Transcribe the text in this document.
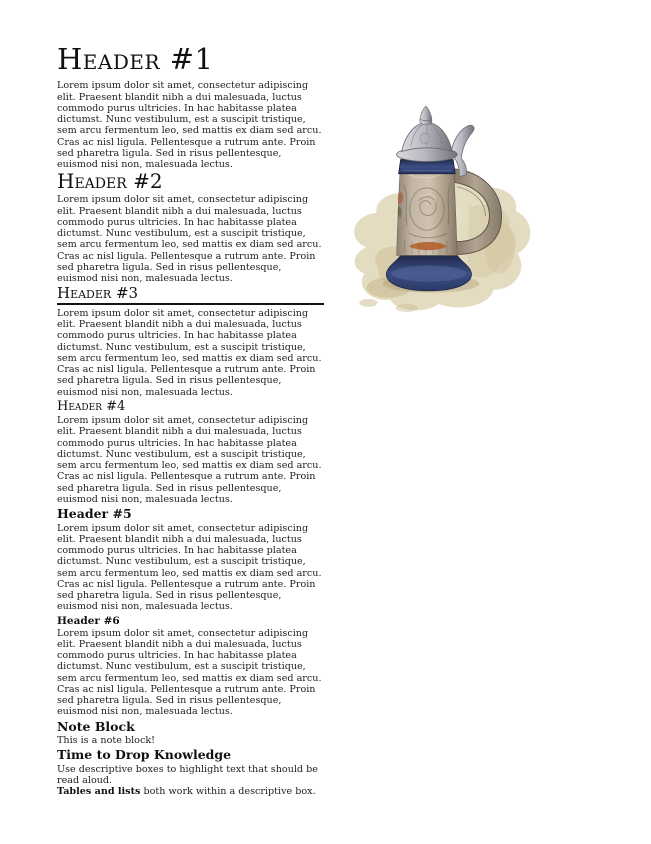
Header #1

Lorem ipsum dolor sit amet, consectetur adipiscing elit. Praesent blandit nibh a dui malesuada, luctus commodo purus ultricies. In hac habitasse platea dictumst. Nunc vestibulum, est a suscipit tristique, sem arcu fermentum leo, sed mattis ex diam sed arcu. Cras ac nisl ligula. Pellentesque a rutrum ante. Proin sed pharetra ligula. Sed in risus pellentesque, euismod nisi non, malesuada lectus.

Header #2

Lorem ipsum dolor sit amet, consectetur adipiscing elit. Praesent blandit nibh a dui malesuada, luctus commodo purus ultricies. In hac habitasse platea dictumst. Nunc vestibulum, est a suscipit tristique, sem arcu fermentum leo, sed mattis ex diam sed arcu. Cras ac nisl ligula. Pellentesque a rutrum ante. Proin sed pharetra ligula. Sed in risus pellentesque, euismod nisi non, malesuada lectus.

Header #3

Lorem ipsum dolor sit amet, consectetur adipiscing elit. Praesent blandit nibh a dui malesuada, luctus commodo purus ultricies. In hac habitasse platea dictumst. Nunc vestibulum, est a suscipit tristique, sem arcu fermentum leo, sed mattis ex diam sed arcu. Cras ac nisl ligula. Pellentesque a rutrum ante. Proin sed pharetra ligula. Sed in risus pellentesque, euismod nisi non, malesuada lectus.

Header #4

Lorem ipsum dolor sit amet, consectetur adipiscing elit. Praesent blandit nibh a dui malesuada, luctus commodo purus ultricies. In hac habitasse platea dictumst. Nunc vestibulum, est a suscipit tristique, sem arcu fermentum leo, sed mattis ex diam sed arcu. Cras ac nisl ligula. Pellentesque a rutrum ante. Proin sed pharetra ligula. Sed in risus pellentesque, euismod nisi non, malesuada lectus.

Header #5

Lorem ipsum dolor sit amet, consectetur adipiscing elit. Praesent blandit nibh a dui malesuada, luctus commodo purus ultricies. In hac habitasse platea dictumst. Nunc vestibulum, est a suscipit tristique, sem arcu fermentum leo, sed mattis ex diam sed arcu. Cras ac nisl ligula. Pellentesque a rutrum ante. Proin sed pharetra ligula. Sed in risus pellentesque, euismod nisi non, malesuada lectus.

Header #6

Lorem ipsum dolor sit amet, consectetur adipiscing elit. Praesent blandit nibh a dui malesuada, luctus commodo purus ultricies. In hac habitasse platea dictumst. Nunc vestibulum, est a suscipit tristique, sem arcu fermentum leo, sed mattis ex diam sed arcu. Cras ac nisl ligula. Pellentesque a rutrum ante. Proin sed pharetra ligula. Sed in risus pellentesque, euismod nisi non, malesuada lectus.

Note Block

This is a note block!

Time to Drop Knowledge

Use descriptive boxes to highlight text that should be read aloud.

Tables and lists both work within a descriptive box.
